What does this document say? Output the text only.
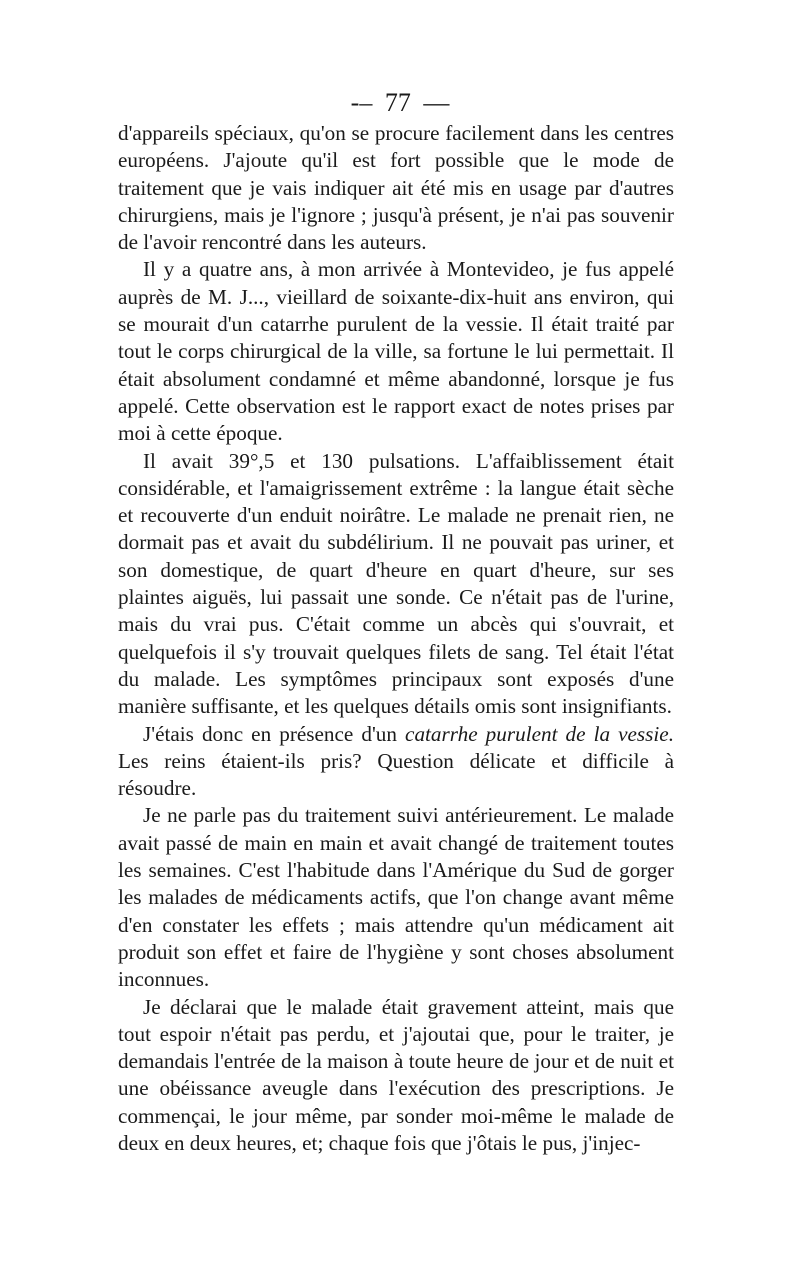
-– 77 —

d'appareils spéciaux, qu'on se procure facilement dans les centres européens. J'ajoute qu'il est fort possible que le mode de traitement que je vais indiquer ait été mis en usage par d'autres chirurgiens, mais je l'ignore ; jusqu'à présent, je n'ai pas souvenir de l'avoir rencontré dans les auteurs.

Il y a quatre ans, à mon arrivée à Montevideo, je fus appelé auprès de M. J..., vieillard de soixante-dix-huit ans environ, qui se mourait d'un catarrhe purulent de la vessie. Il était traité par tout le corps chirurgical de la ville, sa fortune le lui permettait. Il était absolument condamné et même abandonné, lorsque je fus appelé. Cette observation est le rapport exact de notes prises par moi à cette époque.

Il avait 39°,5 et 130 pulsations. L'affaiblissement était considérable, et l'amaigrissement extrême : la langue était sèche et recouverte d'un enduit noirâtre. Le malade ne prenait rien, ne dormait pas et avait du subdélirium. Il ne pouvait pas uriner, et son domestique, de quart d'heure en quart d'heure, sur ses plaintes aiguës, lui passait une sonde. Ce n'était pas de l'urine, mais du vrai pus. C'était comme un abcès qui s'ouvrait, et quelquefois il s'y trouvait quelques filets de sang. Tel était l'état du malade. Les symptômes principaux sont exposés d'une manière suffisante, et les quelques détails omis sont insignifiants.

J'étais donc en présence d'un catarrhe purulent de la vessie. Les reins étaient-ils pris? Question délicate et difficile à résoudre.

Je ne parle pas du traitement suivi antérieurement. Le malade avait passé de main en main et avait changé de traitement toutes les semaines. C'est l'habitude dans l'Amérique du Sud de gorger les malades de médicaments actifs, que l'on change avant même d'en constater les effets ; mais attendre qu'un médicament ait produit son effet et faire de l'hygiène y sont choses absolument inconnues.

Je déclarai que le malade était gravement atteint, mais que tout espoir n'était pas perdu, et j'ajoutai que, pour le traiter, je demandais l'entrée de la maison à toute heure de jour et de nuit et une obéissance aveugle dans l'exécution des prescriptions. Je commençai, le jour même, par sonder moi-même le malade de deux en deux heures, et; chaque fois que j'ôtais le pus, j'injec-
